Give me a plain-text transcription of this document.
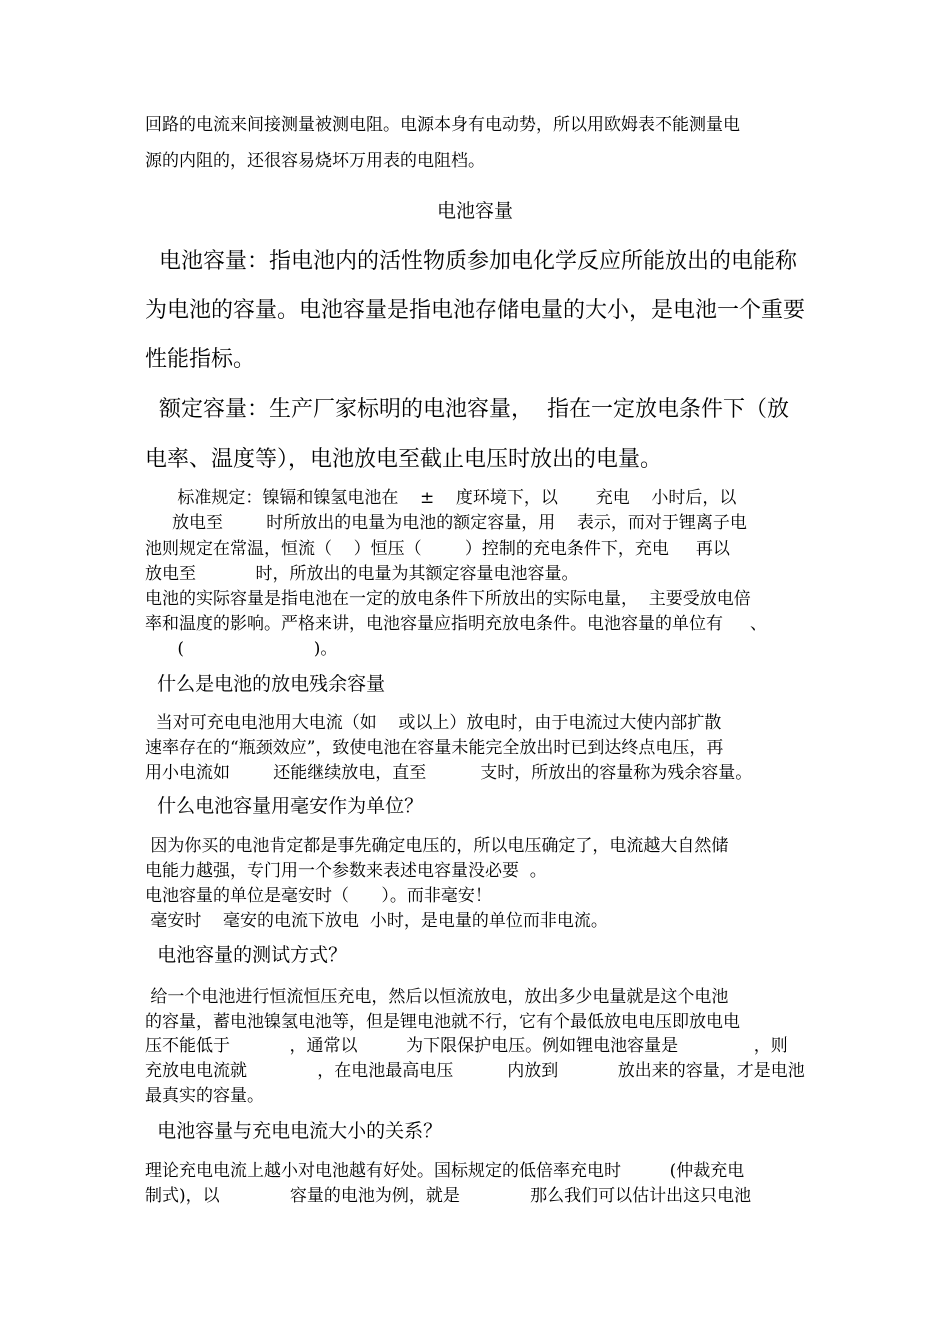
回路的电流来间接测量被测电阻。电源本身有电动势，所以用欧姆表不能测量电
源的内阻的，还很容易烧坏万用表的电阻档。
电池容量
电池容量：指电池内的活性物质参加电化学反应所能放出的电能称
为电池的容量。电池容量是指电池存储电量的大小，是电池一个重要
性能指标。
额定容量：生产厂家标明的电池容量，  指在一定放电条件下（放
电率、温度等），电池放电至截止电压时放出的电量。
标准规定：镍镉和镍氢电池在    ±    度环境下，以       充电    小时后，以
放电至        时所放出的电量为电池的额定容量，用    表示，而对于锂离子电
池则规定在常温，恒流（    ）恒压（        ）控制的充电条件下，充电     再以
放电至           时，所放出的电量为其额定容量电池容量。
电池的实际容量是指电池在一定的放电条件下所放出的实际电量，  主要受放电倍
率和温度的影响。严格来讲，电池容量应指明充放电条件。电池容量的单位有     、
(                        )。
什么是电池的放电残余容量
当对可充电电池用大电流（如    或以上）放电时，由于电流过大使内部扩散
速率存在的“瓶颈效应”，致使电池在容量未能完全放出时已到达终点电压，再
用小电流如        还能继续放电，直至          支时，所放出的容量称为残余容量。
什么电池容量用毫安作为单位？
因为你买的电池肯定都是事先确定电压的，所以电压确定了，电流越大自然储
电能力越强，专门用一个参数来表述电容量没必要  。
电池容量的单位是毫安时（      ）。而非毫安！
毫安时    毫安的电流下放电  小时，是电量的单位而非电流。
电池容量的测试方式？
给一个电池进行恒流恒压充电，然后以恒流放电，放出多少电量就是这个电池
的容量，蓄电池镍氢电池等，但是锂电池就不行，它有个最低放电电压即放电电
压不能低于           ，通常以         为下限保护电压。例如锂电池容量是              ，则
充放电电流就             ，在电池最高电压          内放到           放出来的容量，才是电池
最真实的容量。
电池容量与充电电流大小的关系？
理论充电电流上越小对电池越有好处。国标规定的低倍率充电时         (仲裁充电
制式)，以             容量的电池为例，就是             那么我们可以估计出这只电池
